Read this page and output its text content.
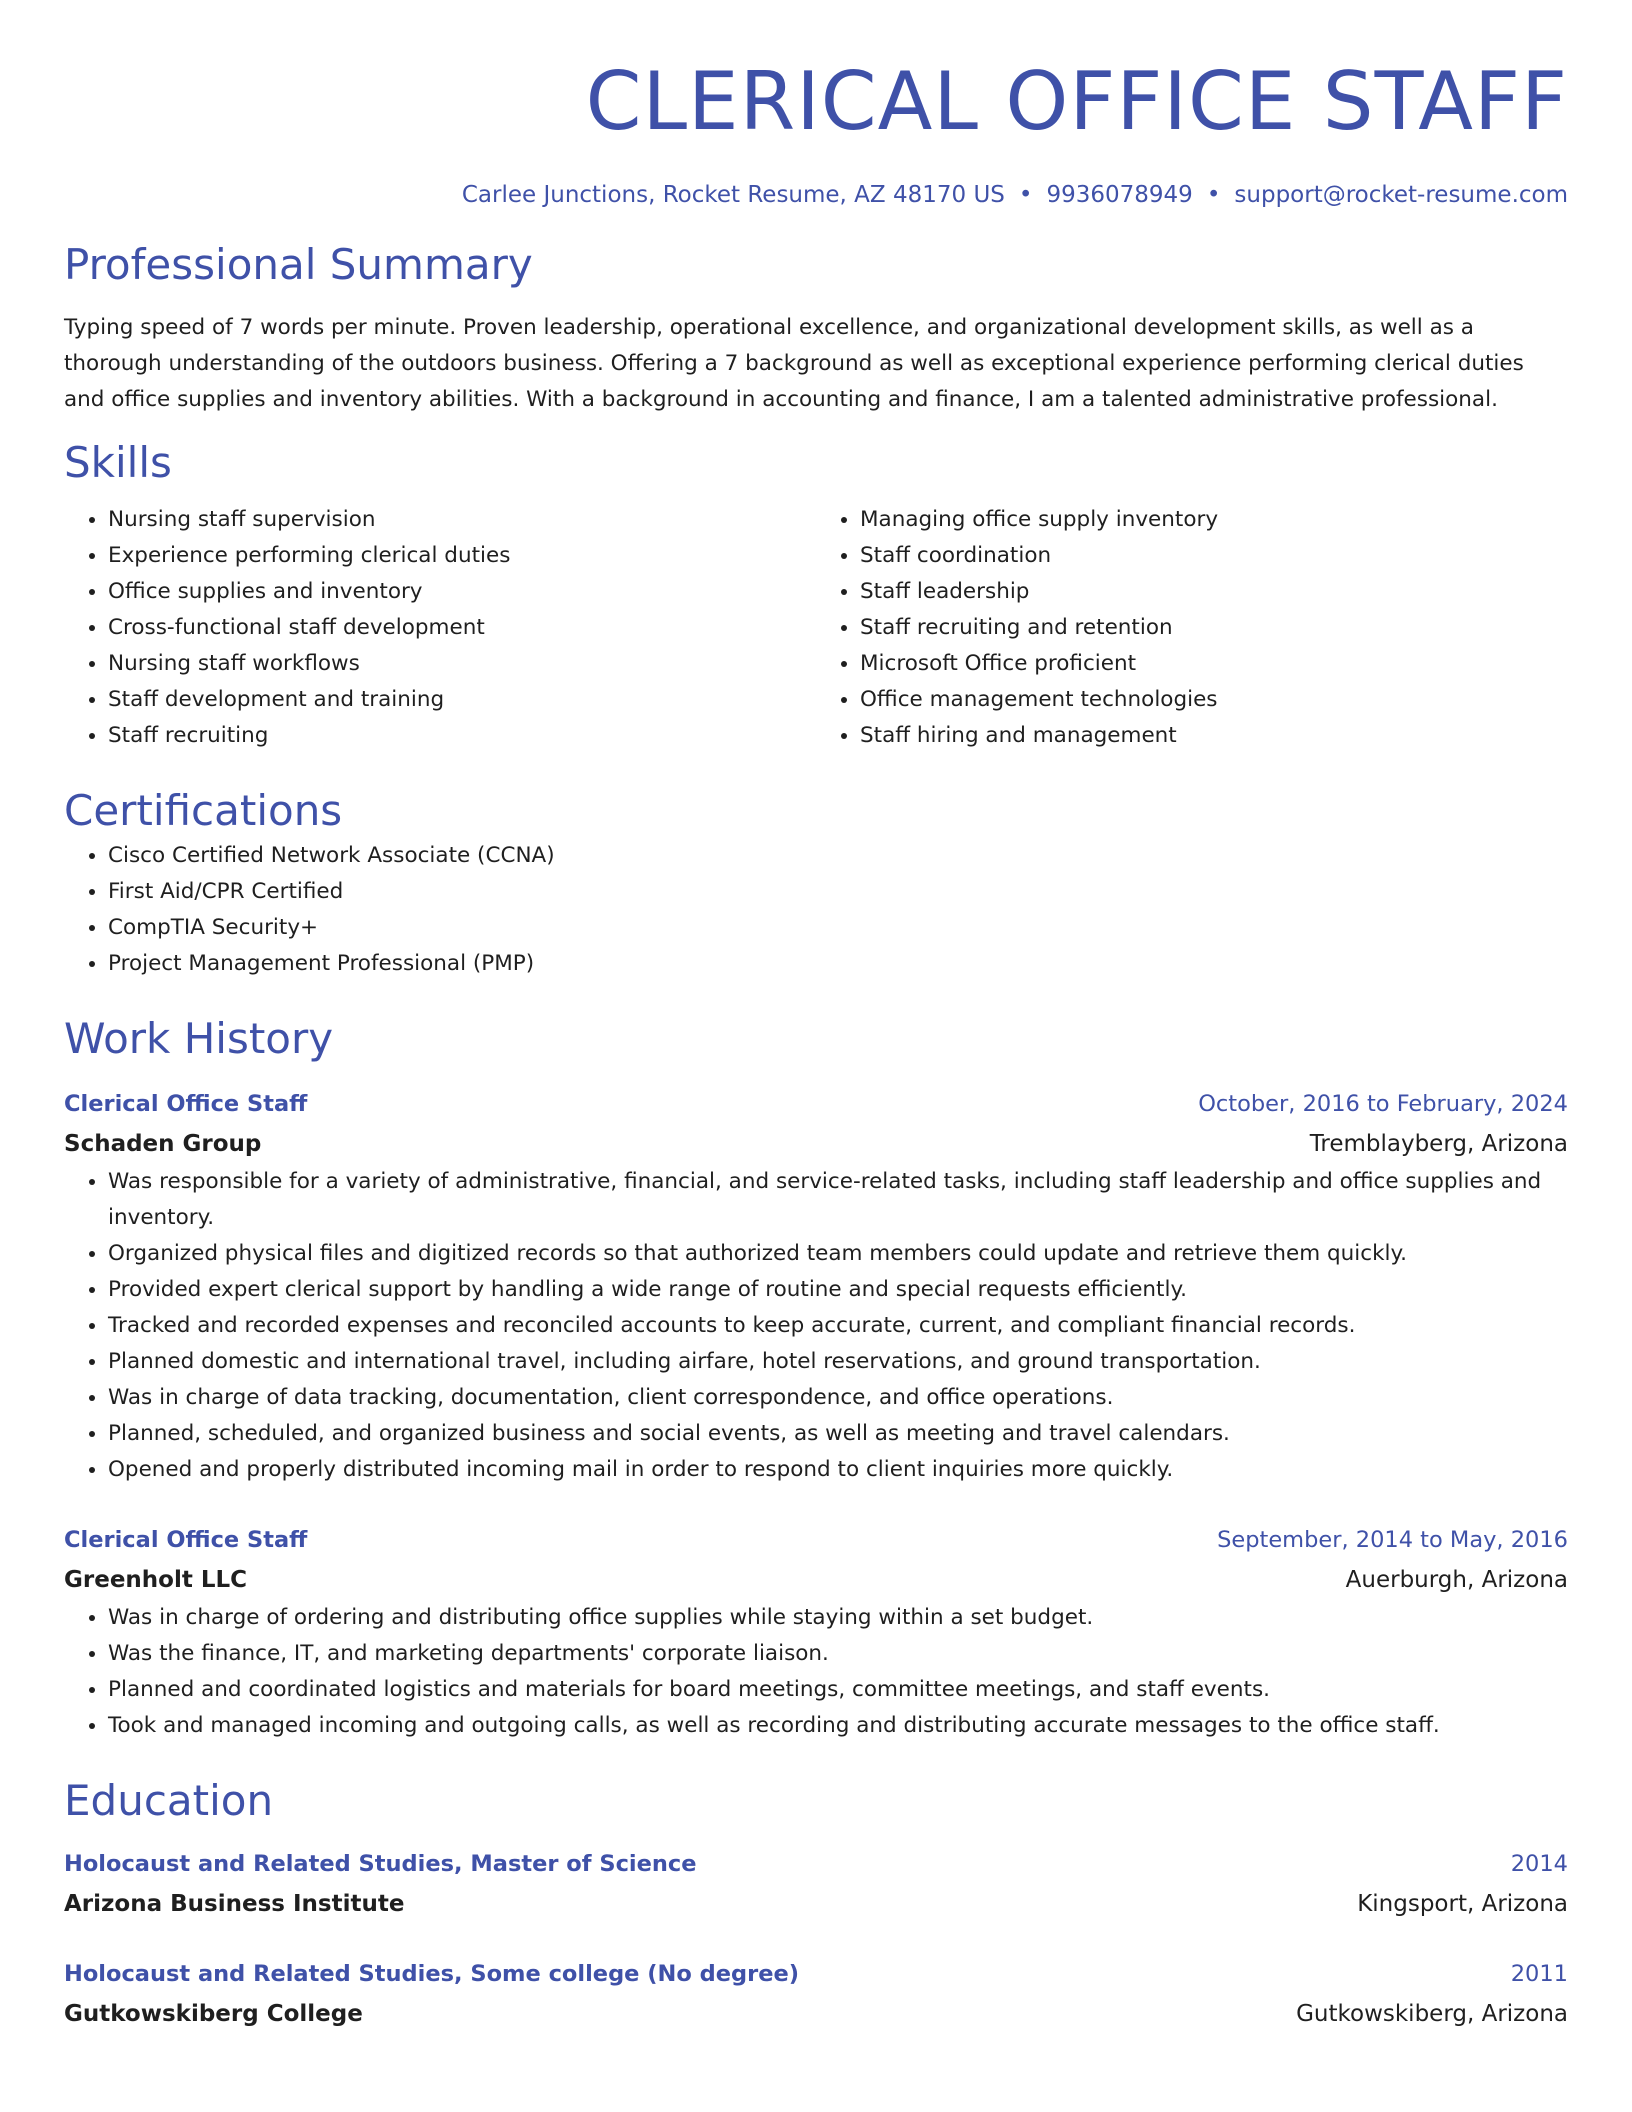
CLERICAL OFFICE STAFF
Carlee Junctions, Rocket Resume, AZ 48170 US • 9936078949 • support@rocket-resume.com
Professional Summary
Typing speed of 7 words per minute. Proven leadership, operational excellence, and organizational development skills, as well as a thorough understanding of the outdoors business. Offering a 7 background as well as exceptional experience performing clerical duties and office supplies and inventory abilities. With a background in accounting and finance, I am a talented administrative professional.
Skills
• Nursing staff supervision
• Experience performing clerical duties
• Office supplies and inventory
• Cross-functional staff development
• Nursing staff workflows
• Staff development and training
• Staff recruiting
• Managing office supply inventory
• Staff coordination
• Staff leadership
• Staff recruiting and retention
• Microsoft Office proficient
• Office management technologies
• Staff hiring and management
Certifications
• Cisco Certified Network Associate (CCNA)
• First Aid/CPR Certified
• CompTIA Security+
• Project Management Professional (PMP)
Work History
Clerical Office Staff	October, 2016 to February, 2024
Schaden Group	Tremblayberg, Arizona
• Was responsible for a variety of administrative, financial, and service-related tasks, including staff leadership and office supplies and inventory.
• Organized physical files and digitized records so that authorized team members could update and retrieve them quickly.
• Provided expert clerical support by handling a wide range of routine and special requests efficiently.
• Tracked and recorded expenses and reconciled accounts to keep accurate, current, and compliant financial records.
• Planned domestic and international travel, including airfare, hotel reservations, and ground transportation.
• Was in charge of data tracking, documentation, client correspondence, and office operations.
• Planned, scheduled, and organized business and social events, as well as meeting and travel calendars.
• Opened and properly distributed incoming mail in order to respond to client inquiries more quickly.
Clerical Office Staff	September, 2014 to May, 2016
Greenholt LLC	Auerburgh, Arizona
• Was in charge of ordering and distributing office supplies while staying within a set budget.
• Was the finance, IT, and marketing departments' corporate liaison.
• Planned and coordinated logistics and materials for board meetings, committee meetings, and staff events.
• Took and managed incoming and outgoing calls, as well as recording and distributing accurate messages to the office staff.
Education
Holocaust and Related Studies, Master of Science	2014
Arizona Business Institute	Kingsport, Arizona
Holocaust and Related Studies, Some college (No degree)	2011
Gutkowskiberg College	Gutkowskiberg, Arizona
